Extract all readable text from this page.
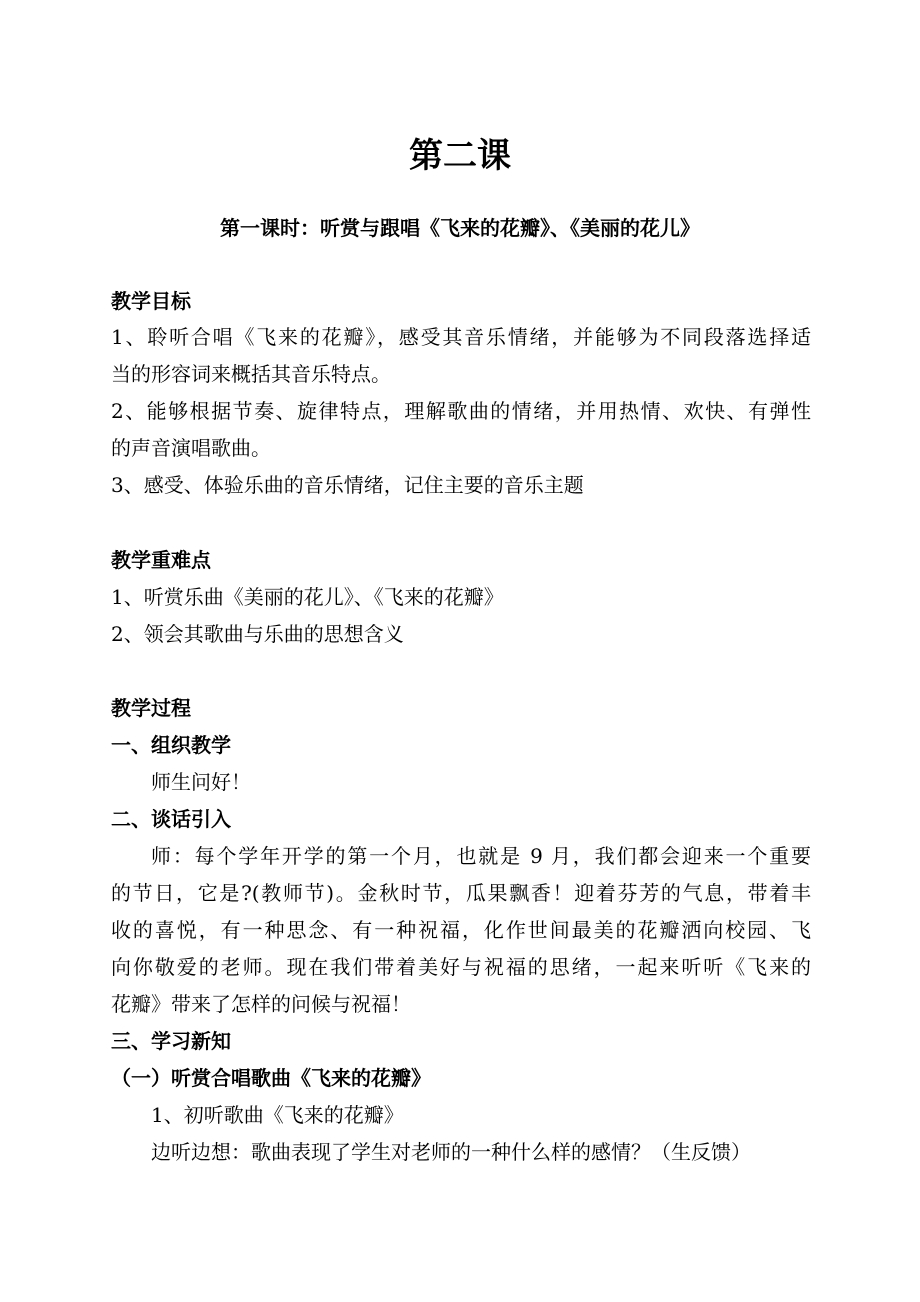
第二课
第一课时：听赏与跟唱《飞来的花瓣》、《美丽的花儿》
教学目标
1、聆听合唱《飞来的花瓣》，感受其音乐情绪，并能够为不同段落选择适
当的形容词来概括其音乐特点。
2、能够根据节奏、旋律特点，理解歌曲的情绪，并用热情、欢快、有弹性
的声音演唱歌曲。
3、感受、体验乐曲的音乐情绪，记住主要的音乐主题
教学重难点
1、听赏乐曲《美丽的花儿》、《飞来的花瓣》
2、领会其歌曲与乐曲的思想含义
教学过程
一、组织教学
师生问好！
二、谈话引入
师：每个学年开学的第一个月，也就是 9 月，我们都会迎来一个重要
的节日，它是?(教师节)。金秋时节，瓜果飘香！迎着芬芳的气息，带着丰
收的喜悦，有一种思念、有一种祝福，化作世间最美的花瓣洒向校园、飞
向你敬爱的老师。现在我们带着美好与祝福的思绪，一起来听听《飞来的
花瓣》带来了怎样的问候与祝福！
三、学习新知
（一）听赏合唱歌曲《飞来的花瓣》
1、初听歌曲《飞来的花瓣》
边听边想：歌曲表现了学生对老师的一种什么样的感情？（生反馈）
